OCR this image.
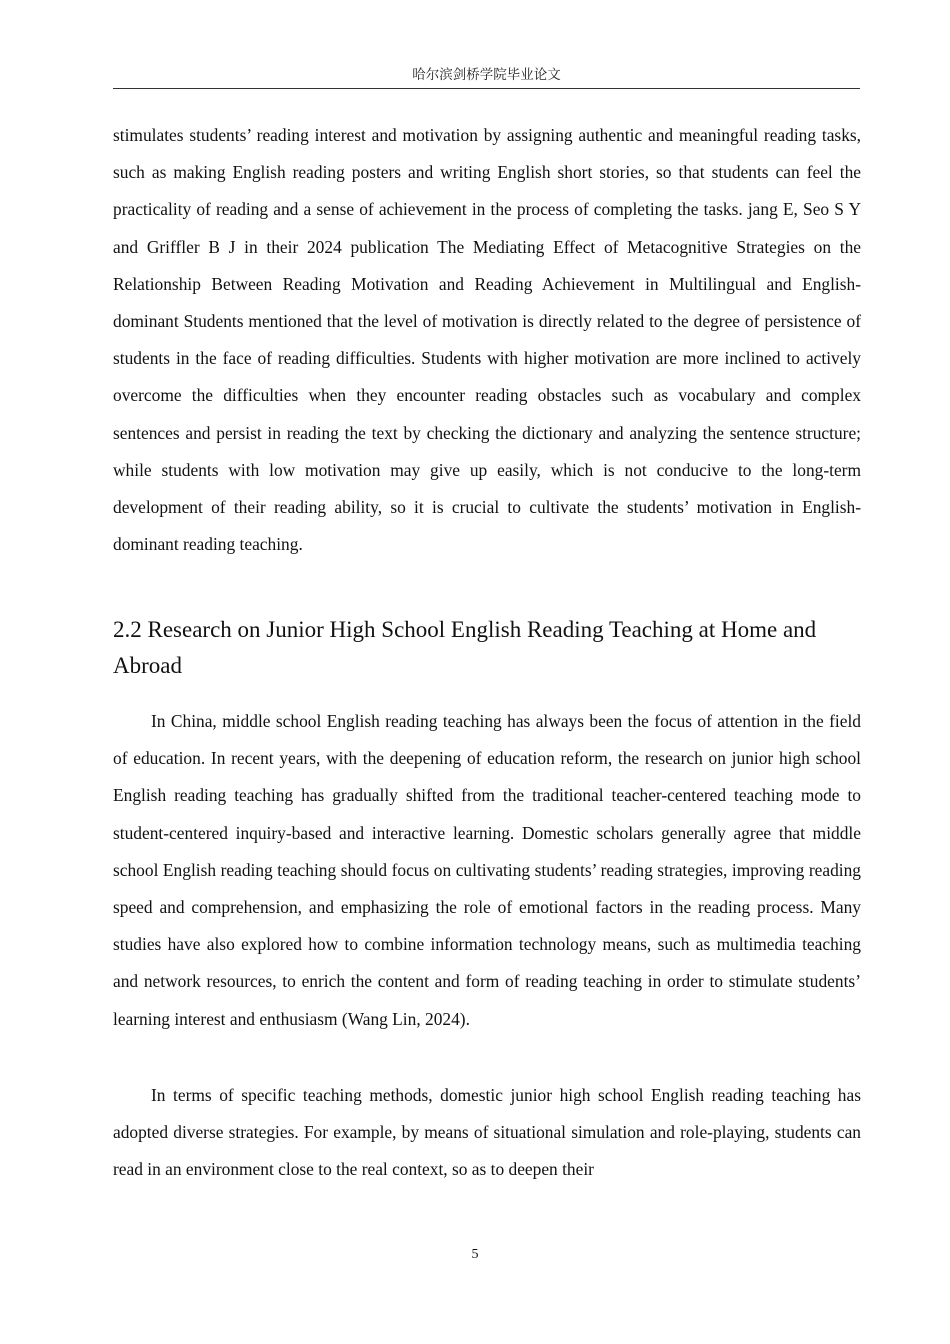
哈尔滨剑桥学院毕业论文

stimulates students’ reading interest and motivation by assigning authentic and meaningful reading tasks, such as making English reading posters and writing English short stories, so that students can feel the practicality of reading and a sense of achievement in the process of completing the tasks. jang E, Seo S Y and Griffler B J in their 2024 publication The Mediating Effect of Metacognitive Strategies on the Relationship Between Reading Motivation and Reading Achievement in Multilingual and English-dominant Students mentioned that the level of motivation is directly related to the degree of persistence of students in the face of reading difficulties. Students with higher motivation are more inclined to actively overcome the difficulties when they encounter reading obstacles such as vocabulary and complex sentences and persist in reading the text by checking the dictionary and analyzing the sentence structure; while students with low motivation may give up easily, which is not conducive to the long-term development of their reading ability, so it is crucial to cultivate the students’ motivation in English-dominant reading teaching.

2.2 Research on Junior High School English Reading Teaching at Home and Abroad

In China, middle school English reading teaching has always been the focus of attention in the field of education. In recent years, with the deepening of education reform, the research on junior high school English reading teaching has gradually shifted from the traditional teacher-centered teaching mode to student-centered inquiry-based and interactive learning. Domestic scholars generally agree that middle school English reading teaching should focus on cultivating students’ reading strategies, improving reading speed and comprehension, and emphasizing the role of emotional factors in the reading process. Many studies have also explored how to combine information technology means, such as multimedia teaching and network resources, to enrich the content and form of reading teaching in order to stimulate students’ learning interest and enthusiasm (Wang Lin, 2024).

In terms of specific teaching methods, domestic junior high school English reading teaching has adopted diverse strategies. For example, by means of situational simulation and role-playing, students can read in an environment close to the real context, so as to deepen their

5
